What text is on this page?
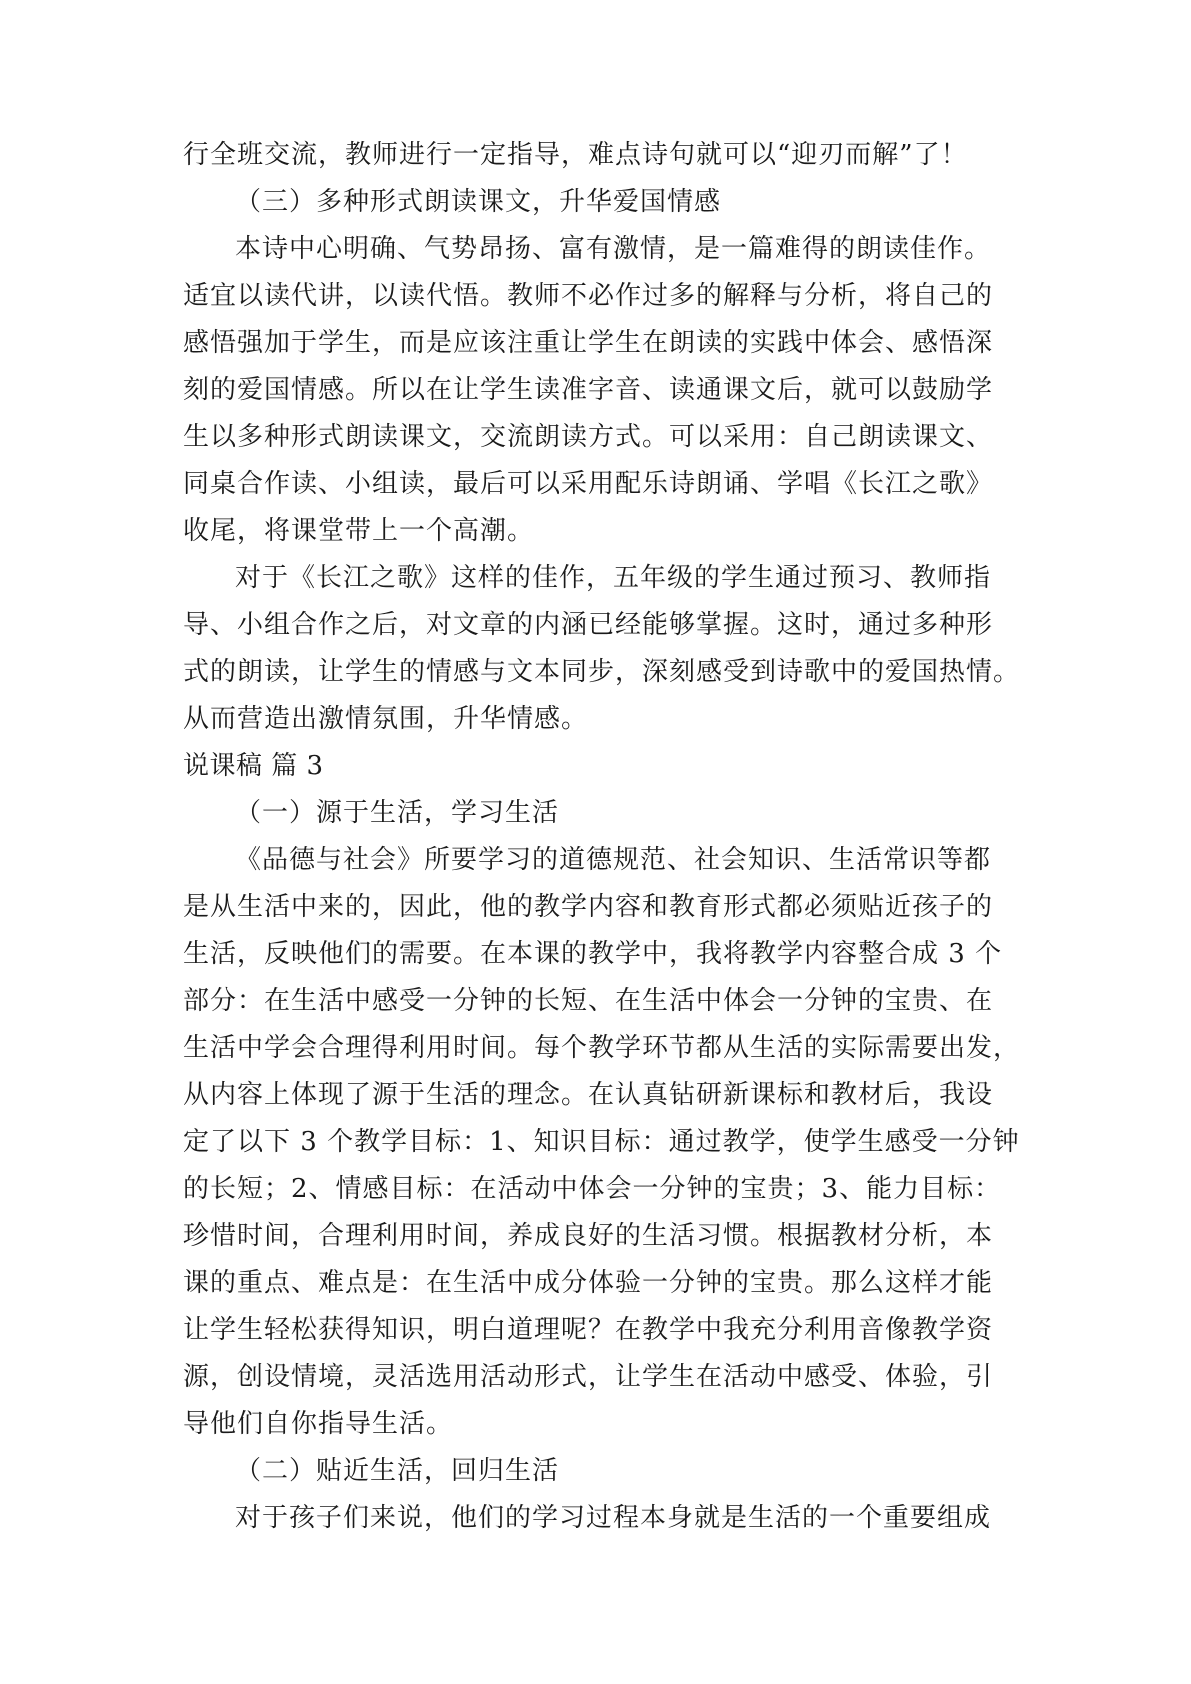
行全班交流，教师进行一定指导，难点诗句就可以“迎刃而解”了！
（三）多种形式朗读课文，升华爱国情感
本诗中心明确、气势昂扬、富有激情，是一篇难得的朗读佳作。
适宜以读代讲，以读代悟。教师不必作过多的解释与分析，将自己的
感悟强加于学生，而是应该注重让学生在朗读的实践中体会、感悟深
刻的爱国情感。所以在让学生读准字音、读通课文后，就可以鼓励学
生以多种形式朗读课文，交流朗读方式。可以采用：自己朗读课文、
同桌合作读、小组读，最后可以采用配乐诗朗诵、学唱《长江之歌》
收尾，将课堂带上一个高潮。
对于《长江之歌》这样的佳作，五年级的学生通过预习、教师指
导、小组合作之后，对文章的内涵已经能够掌握。这时，通过多种形
式的朗读，让学生的情感与文本同步，深刻感受到诗歌中的爱国热情。
从而营造出激情氛围，升华情感。
说课稿 篇 3
（一）源于生活，学习生活
《品德与社会》所要学习的道德规范、社会知识、生活常识等都
是从生活中来的，因此，他的教学内容和教育形式都必须贴近孩子的
生活，反映他们的需要。在本课的教学中，我将教学内容整合成 3 个
部分：在生活中感受一分钟的长短、在生活中体会一分钟的宝贵、在
生活中学会合理得利用时间。每个教学环节都从生活的实际需要出发，
从内容上体现了源于生活的理念。在认真钻研新课标和教材后，我设
定了以下 3 个教学目标：1、知识目标：通过教学，使学生感受一分钟
的长短；2、情感目标：在活动中体会一分钟的宝贵；3、能力目标：
珍惜时间，合理利用时间，养成良好的生活习惯。根据教材分析，本
课的重点、难点是：在生活中成分体验一分钟的宝贵。那么这样才能
让学生轻松获得知识，明白道理呢？在教学中我充分利用音像教学资
源，创设情境，灵活选用活动形式，让学生在活动中感受、体验，引
导他们自你指导生活。
（二）贴近生活，回归生活
对于孩子们来说，他们的学习过程本身就是生活的一个重要组成
